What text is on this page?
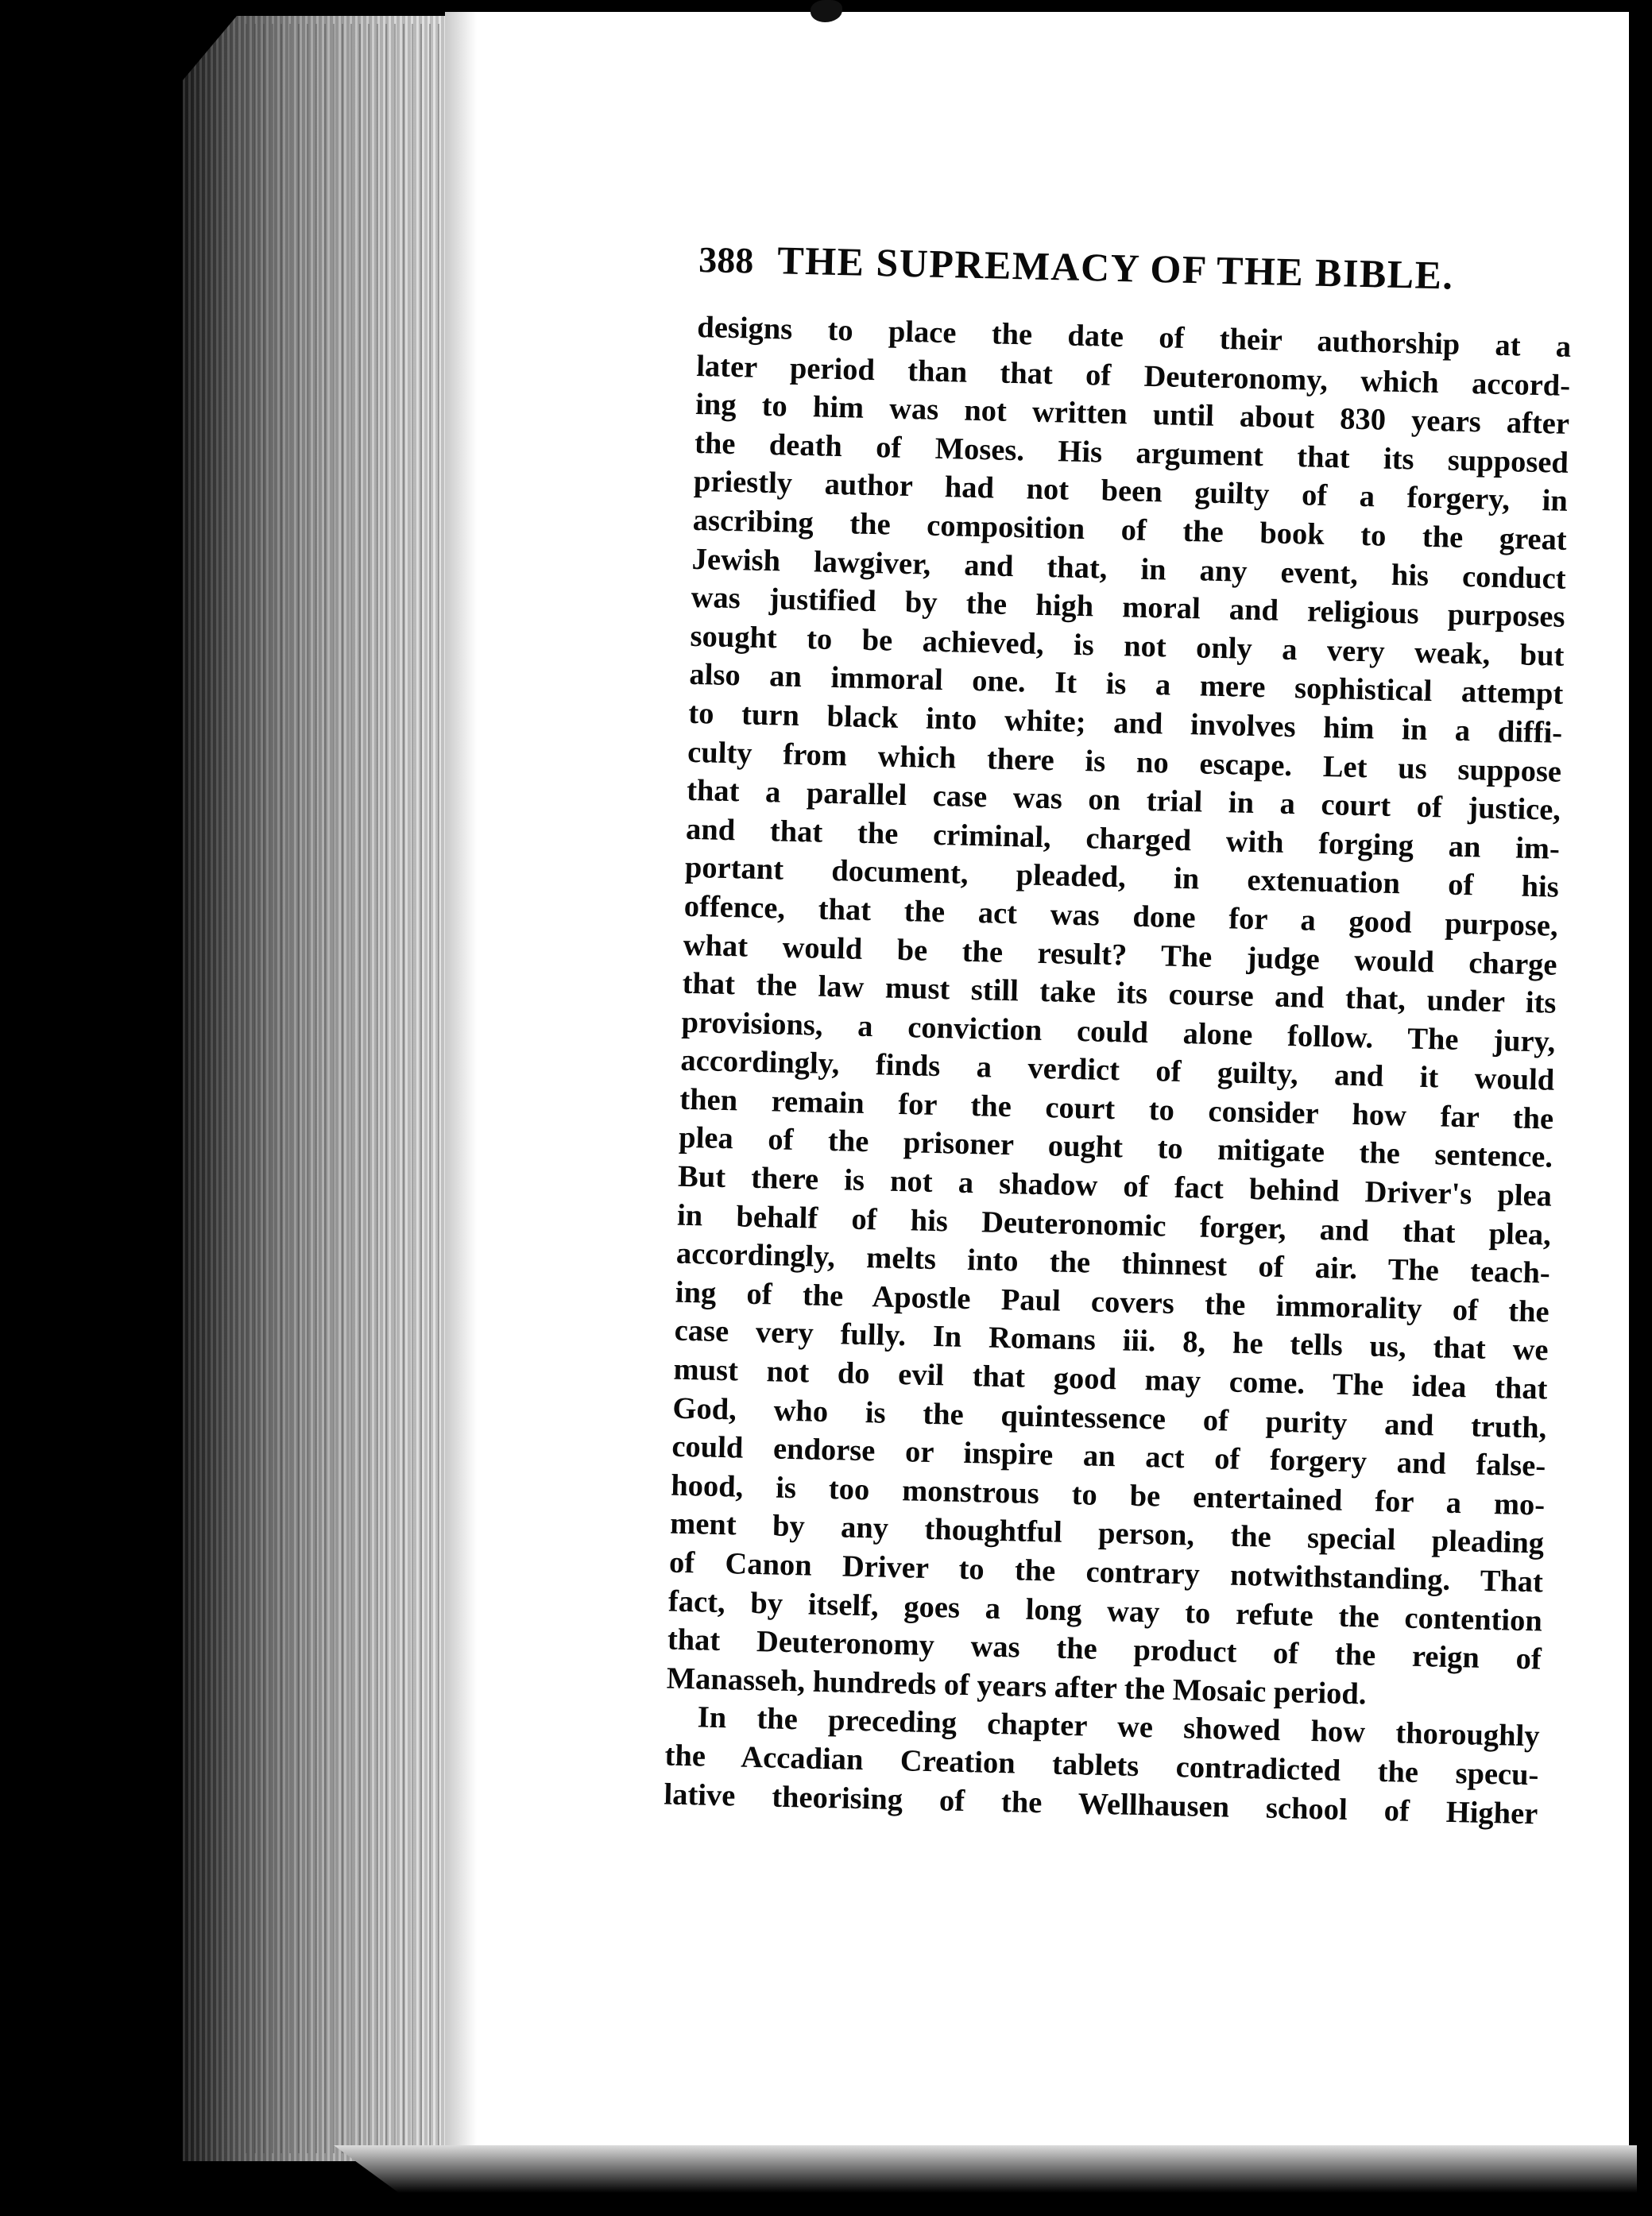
388 THE SUPREMACY OF THE BIBLE.
designs to place the date of their authorship at a
later period than that of Deuteronomy, which accord-
ing to him was not written until about 830 years after
the death of Moses. His argument that its supposed
priestly author had not been guilty of a forgery, in
ascribing the composition of the book to the great
Jewish lawgiver, and that, in any event, his conduct
was justified by the high moral and religious purposes
sought to be achieved, is not only a very weak, but
also an immoral one. It is a mere sophistical attempt
to turn black into white; and involves him in a diffi-
culty from which there is no escape. Let us suppose
that a parallel case was on trial in a court of justice,
and that the criminal, charged with forging an im-
portant document, pleaded, in extenuation of his
offence, that the act was done for a good purpose,
what would be the result? The judge would charge
that the law must still take its course and that, under its
provisions, a conviction could alone follow. The jury,
accordingly, finds a verdict of guilty, and it would
then remain for the court to consider how far the
plea of the prisoner ought to mitigate the sentence.
But there is not a shadow of fact behind Driver's plea
in behalf of his Deuteronomic forger, and that plea,
accordingly, melts into the thinnest of air. The teach-
ing of the Apostle Paul covers the immorality of the
case very fully. In Romans iii. 8, he tells us, that we
must not do evil that good may come. The idea that
God, who is the quintessence of purity and truth,
could endorse or inspire an act of forgery and false-
hood, is too monstrous to be entertained for a mo-
ment by any thoughtful person, the special pleading
of Canon Driver to the contrary notwithstanding. That
fact, by itself, goes a long way to refute the contention
that Deuteronomy was the product of the reign of
Manasseh, hundreds of years after the Mosaic period.
In the preceding chapter we showed how thoroughly
the Accadian Creation tablets contradicted the specu-
lative theorising of the Wellhausen school of Higher
